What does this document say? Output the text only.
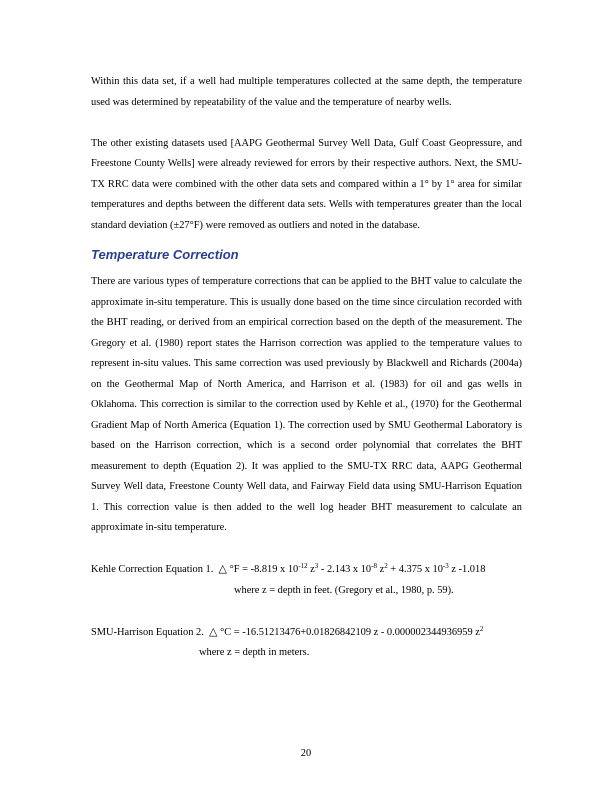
Within this data set, if a well had multiple temperatures collected at the same depth, the temperature used was determined by repeatability of the value and the temperature of nearby wells.

The other existing datasets used [AAPG Geothermal Survey Well Data, Gulf Coast Geopressure, and Freestone County Wells] were already reviewed for errors by their respective authors. Next, the SMU-TX RRC data were combined with the other data sets and compared within a 1° by 1° area for similar temperatures and depths between the different data sets. Wells with temperatures greater than the local standard deviation (±27°F) were removed as outliers and noted in the database.

Temperature Correction

There are various types of temperature corrections that can be applied to the BHT value to calculate the approximate in-situ temperature. This is usually done based on the time since circulation recorded with the BHT reading, or derived from an empirical correction based on the depth of the measurement. The Gregory et al. (1980) report states the Harrison correction was applied to the temperature values to represent in-situ values. This same correction was used previously by Blackwell and Richards (2004a) on the Geothermal Map of North America, and Harrison et al. (1983) for oil and gas wells in Oklahoma. This correction is similar to the correction used by Kehle et al., (1970) for the Geothermal Gradient Map of North America (Equation 1). The correction used by SMU Geothermal Laboratory is based on the Harrison correction, which is a second order polynomial that correlates the BHT measurement to depth (Equation 2). It was applied to the SMU-TX RRC data, AAPG Geothermal Survey Well data, Freestone County Well data, and Fairway Field data using SMU-Harrison Equation 1. This correction value is then added to the well log header BHT measurement to calculate an approximate in-situ temperature.

Kehle Correction Equation 1. △ °F = -8.819 x $10^{-12}$ $z^3 - 2.143$ x $10^{-8}$ $z^2 + 4.375$ x $10^{-3}$ z -1.018

where z = depth in feet. (Gregory et al., 1980, p. 59).

SMU-Harrison Equation 2. △ °C = -16.51213476+0.01826842109 z - 0.000002344936959 $z^2$

where z = depth in meters.

20
